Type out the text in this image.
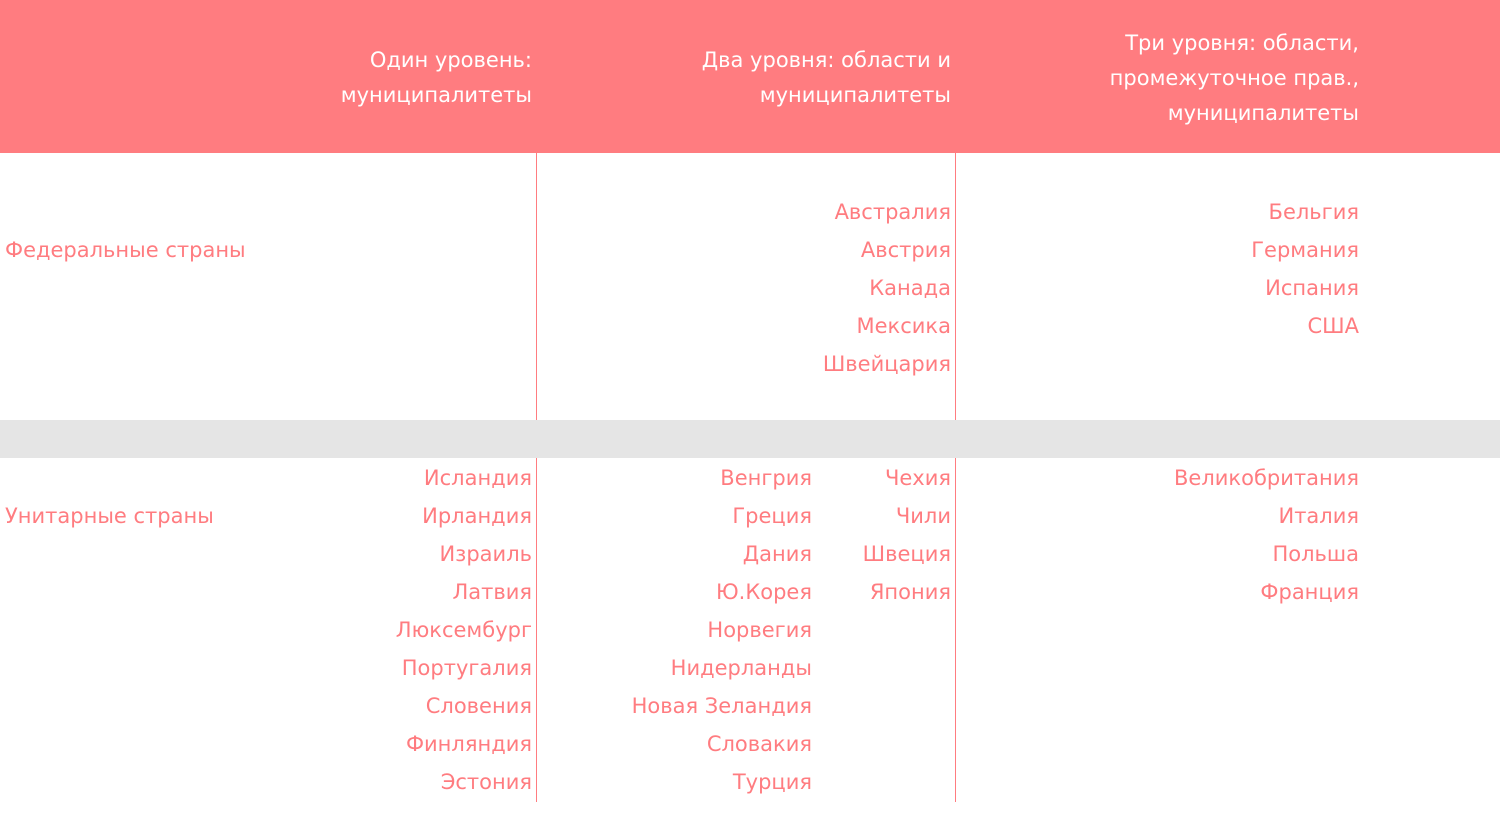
Один уровень:
муниципалитеты
Два уровня: области и
муниципалитеты
Три уровня: области,
промежуточное прав.,
муниципалитеты
Федеральные страны
Австралия
Австрия
Канада
Мексика
Швейцария
Бельгия
Германия
Испания
США
Унитарные страны
Исландия
Ирландия
Израиль
Латвия
Люксембург
Португалия
Словения
Финляндия
Эстония
Венгрия
Греция
Дания
Ю.Корея
Норвегия
Нидерланды
Новая Зеландия
Словакия
Турция
Чехия
Чили
Швеция
Япония
Великобритания
Италия
Польша
Франция
